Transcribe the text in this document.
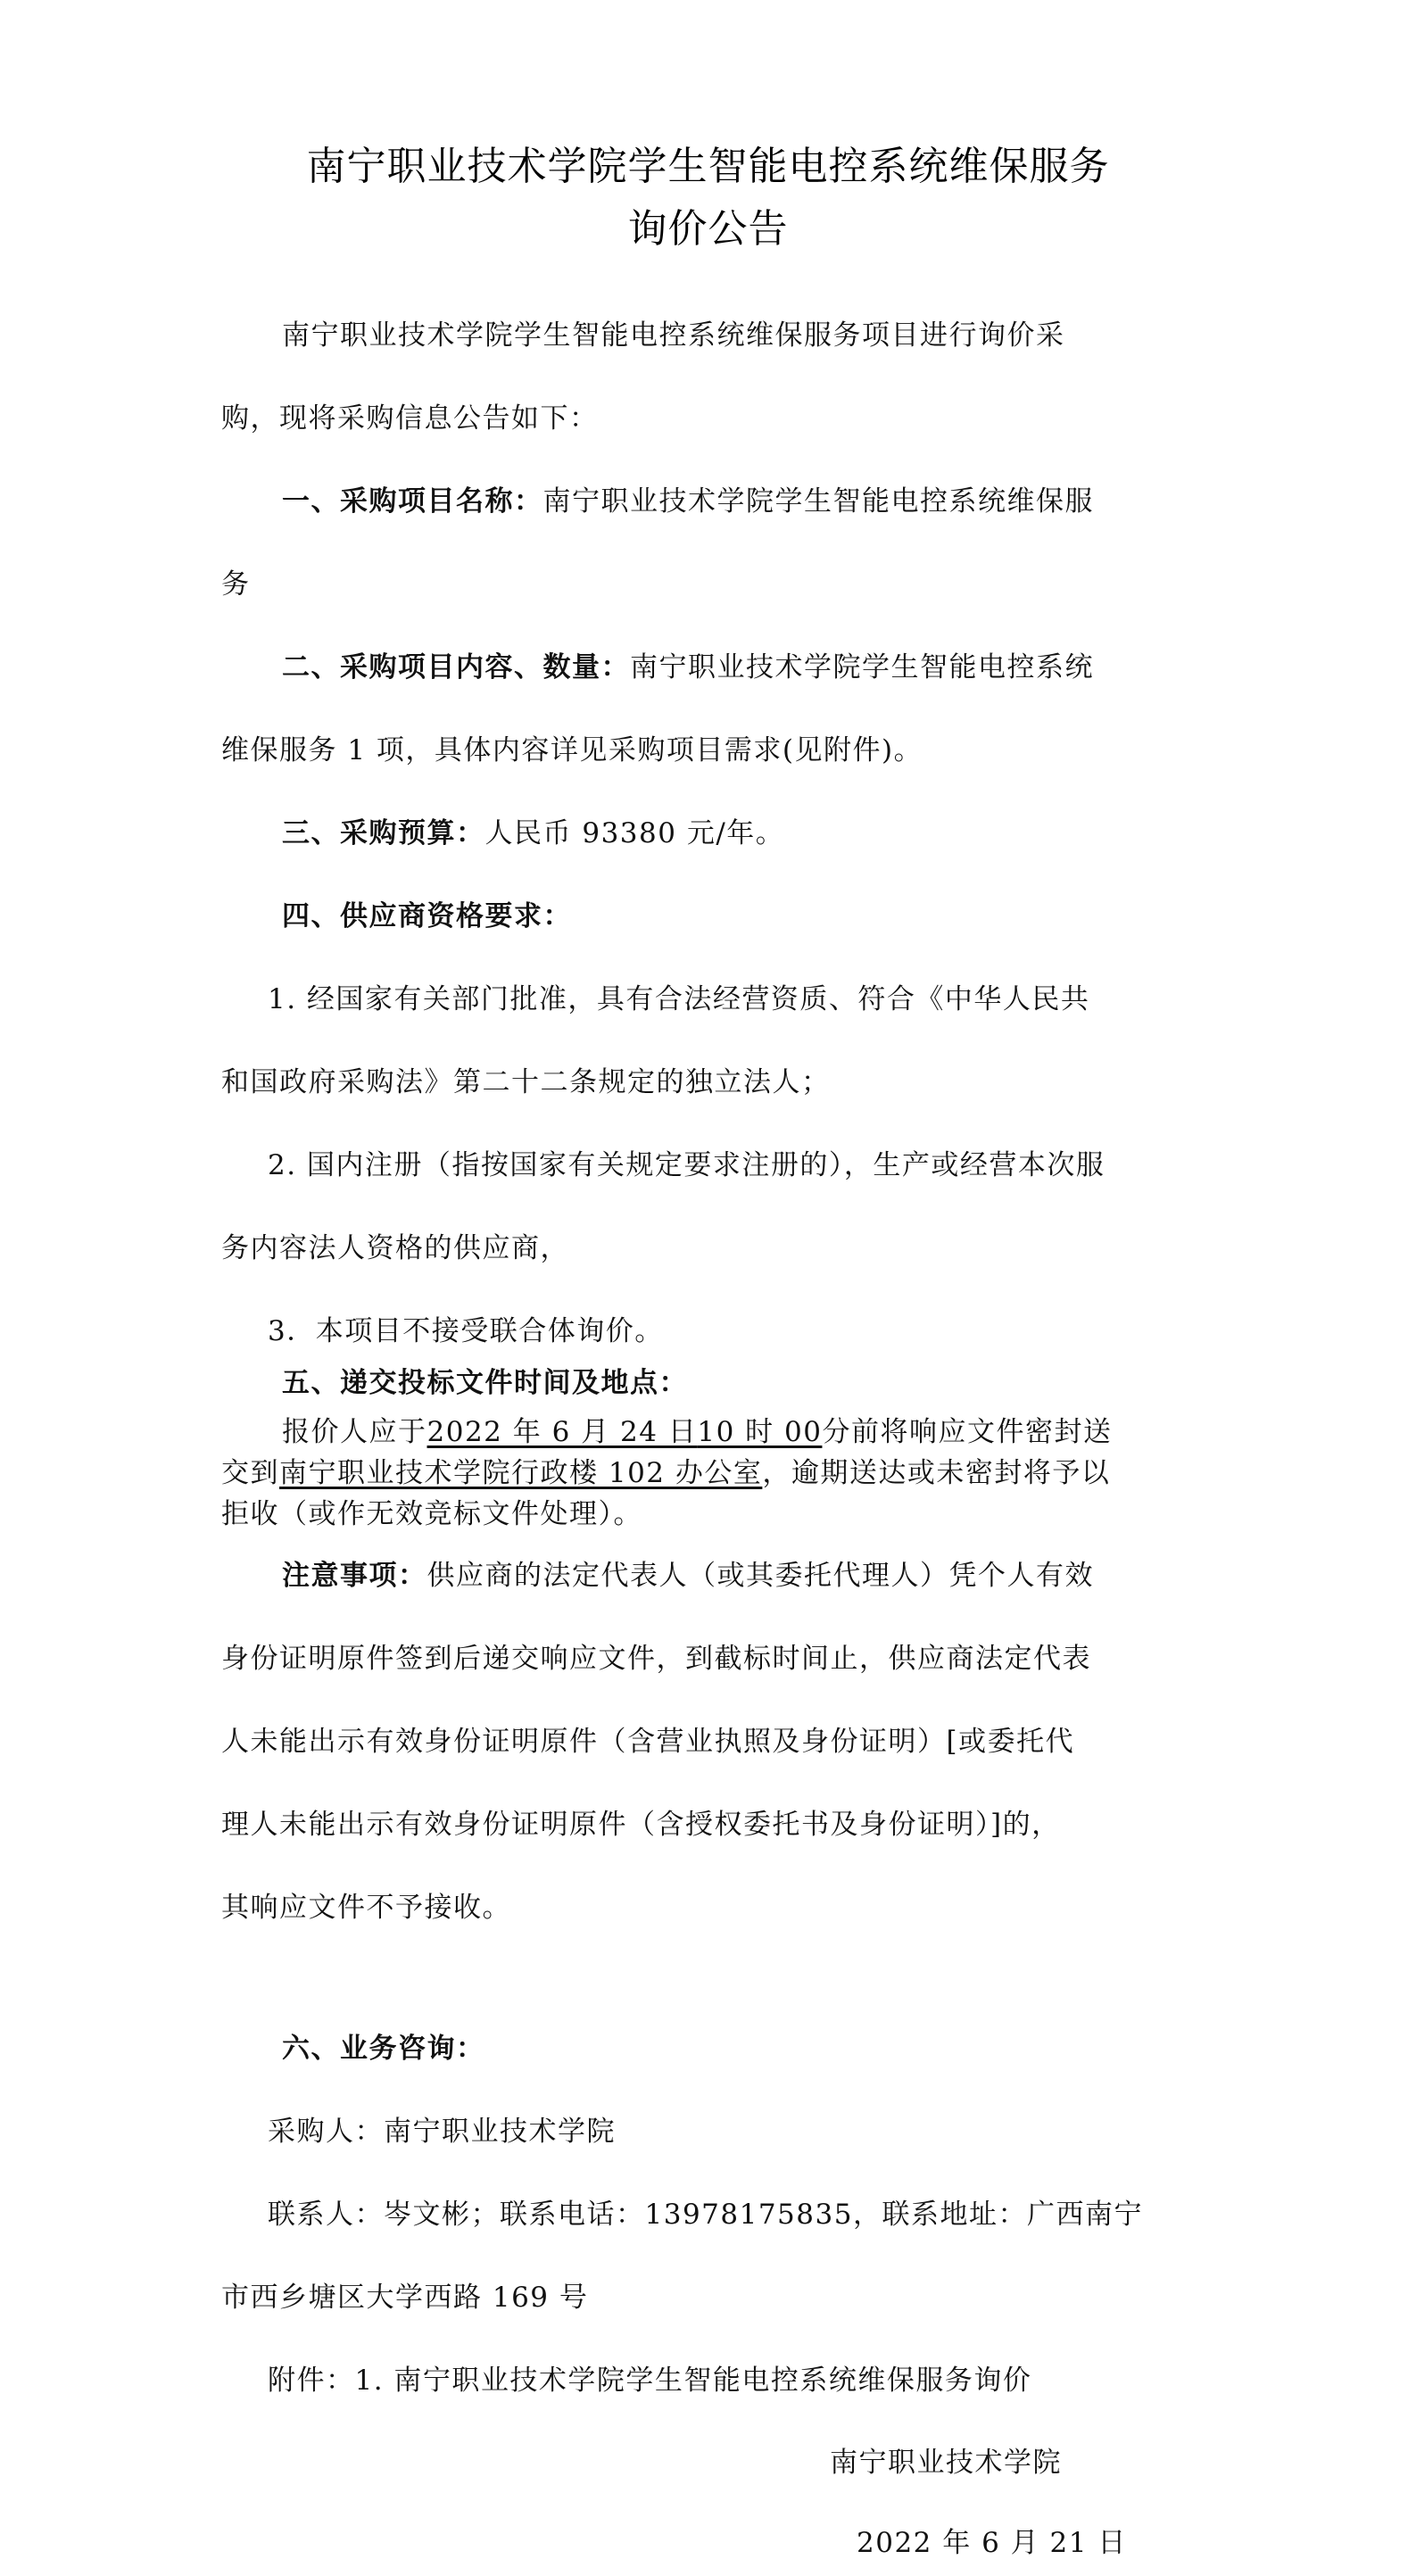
南宁职业技术学院学生智能电控系统维保服务
询价公告
南宁职业技术学院学生智能电控系统维保服务项目进行询价采
购，现将采购信息公告如下：
一、采购项目名称：南宁职业技术学院学生智能电控系统维保服
务
二、采购项目内容、数量：南宁职业技术学院学生智能电控系统
维保服务 1 项，具体内容详见采购项目需求(见附件)。
三、采购预算：人民币 93380 元/年。
四、供应商资格要求：
1. 经国家有关部门批准，具有合法经营资质、符合《中华人民共
和国政府采购法》第二十二条规定的独立法人；
2. 国内注册（指按国家有关规定要求注册的），生产或经营本次服
务内容法人资格的供应商，
3．本项目不接受联合体询价。
五、递交投标文件时间及地点：
报价人应于2022 年 6 月 24 日10 时 00分前将响应文件密封送
交到南宁职业技术学院行政楼 102 办公室，逾期送达或未密封将予以
拒收（或作无效竞标文件处理）。
注意事项：供应商的法定代表人（或其委托代理人）凭个人有效
身份证明原件签到后递交响应文件，到截标时间止，供应商法定代表
人未能出示有效身份证明原件（含营业执照及身份证明）[或委托代
理人未能出示有效身份证明原件（含授权委托书及身份证明）]的，
其响应文件不予接收。
六、业务咨询：
采购人：南宁职业技术学院
联系人：岑文彬；联系电话：13978175835，联系地址：广西南宁
市西乡塘区大学西路 169 号
附件：1. 南宁职业技术学院学生智能电控系统维保服务询价
南宁职业技术学院
2022 年 6 月 21 日
